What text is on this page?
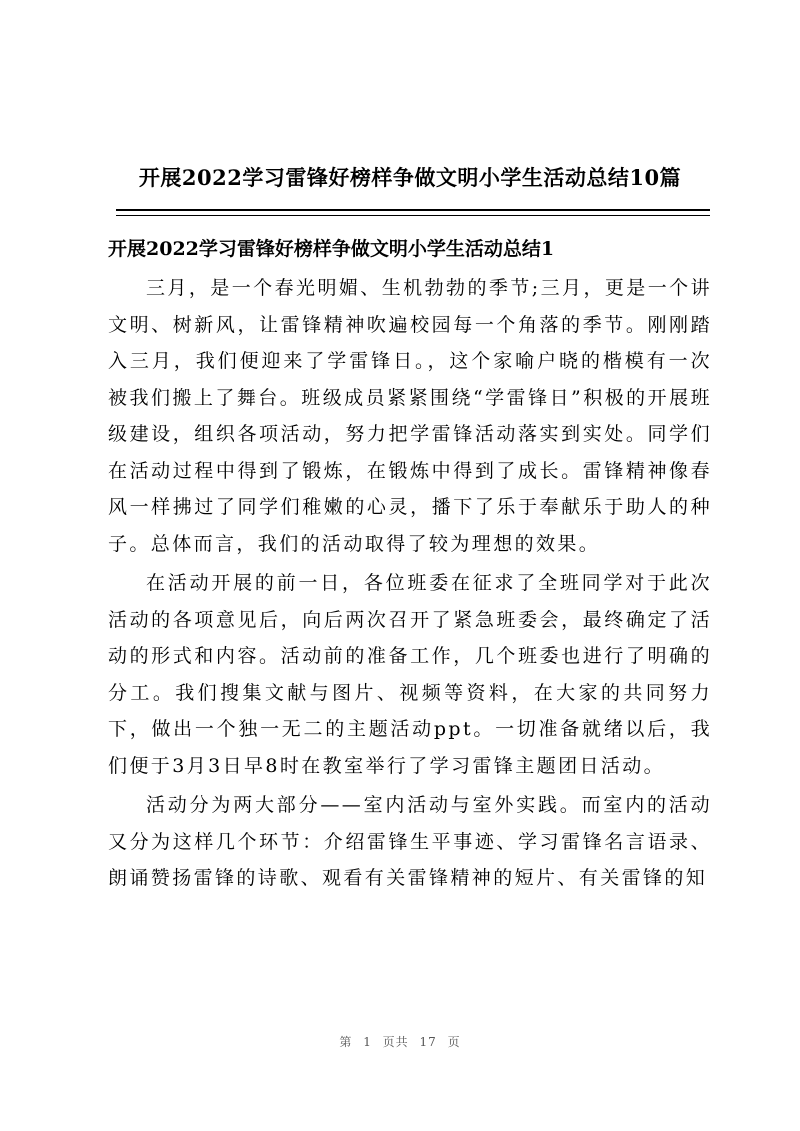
开展2022学习雷锋好榜样争做文明小学生活动总结10篇
开展2022学习雷锋好榜样争做文明小学生活动总结1

三月，是一个春光明媚、生机勃勃的季节;三月，更是一个讲文明、树新风，让雷锋精神吹遍校园每一个角落的季节。刚刚踏入三月，我们便迎来了学雷锋日。，这个家喻户晓的楷模有一次被我们搬上了舞台。班级成员紧紧围绕“学雷锋日”积极的开展班级建设，组织各项活动，努力把学雷锋活动落实到实处。同学们在活动过程中得到了锻炼，在锻炼中得到了成长。雷锋精神像春风一样拂过了同学们稚嫩的心灵，播下了乐于奉献乐于助人的种子。总体而言，我们的活动取得了较为理想的效果。

在活动开展的前一日，各位班委在征求了全班同学对于此次活动的各项意见后，向后两次召开了紧急班委会，最终确定了活动的形式和内容。活动前的准备工作，几个班委也进行了明确的分工。我们搜集文献与图片、视频等资料，在大家的共同努力下，做出一个独一无二的主题活动ppt。一切准备就绪以后，我们便于3月3日早8时在教室举行了学习雷锋主题团日活动。

活动分为两大部分——室内活动与室外实践。而室内的活动又分为这样几个环节：介绍雷锋生平事迹、学习雷锋名言语录、朗诵赞扬雷锋的诗歌、观看有关雷锋精神的短片、有关雷锋的知

第 1 页共 17 页
